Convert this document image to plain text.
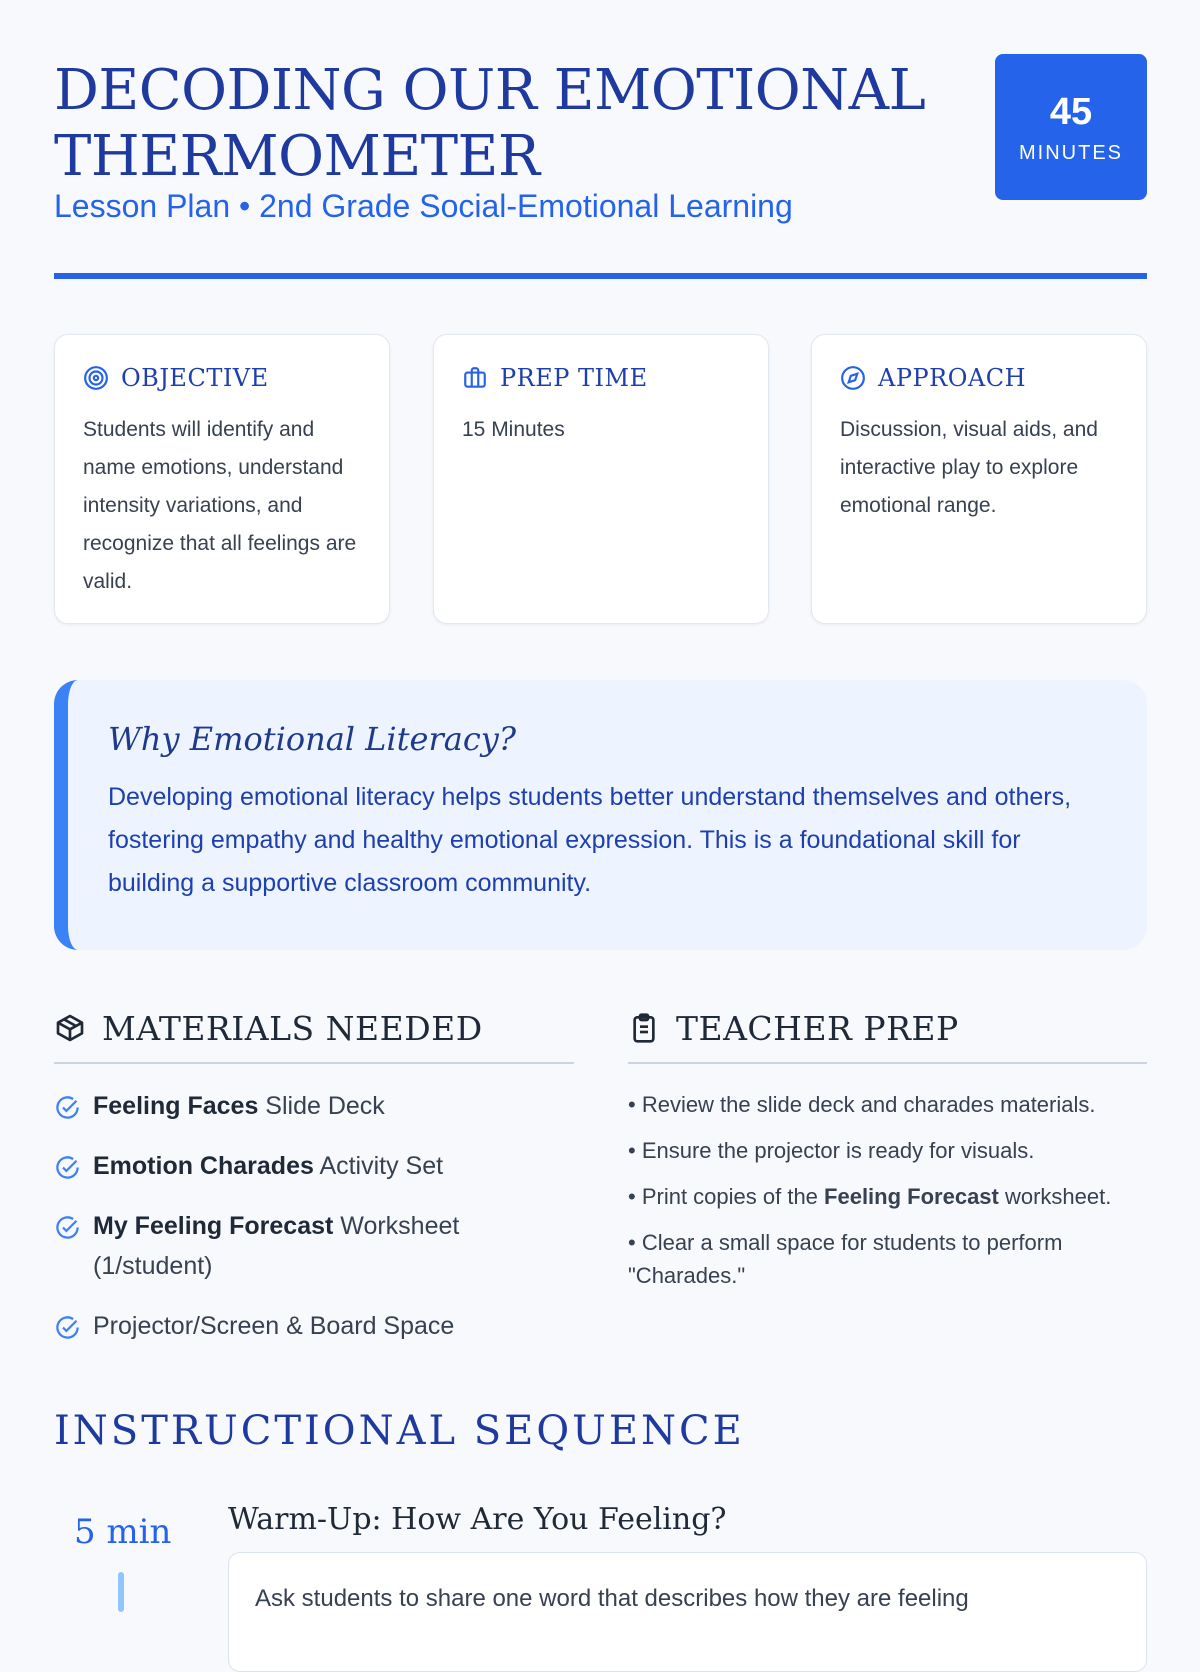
DECODING OUR EMOTIONAL THERMOMETER
Lesson Plan • 2nd Grade Social-Emotional Learning
45
MINUTES
OBJECTIVE
Students will identify and name emotions, understand intensity variations, and recognize that all feelings are valid.
PREP TIME
15 Minutes
APPROACH
Discussion, visual aids, and interactive play to explore emotional range.
Why Emotional Literacy?

Developing emotional literacy helps students better understand themselves and others, fostering empathy and healthy emotional expression. This is a foundational skill for building a supportive classroom community.

MATERIALS NEEDED
Feeling Faces Slide Deck
Emotion Charades Activity Set
My Feeling Forecast Worksheet (1/student)
Projector/Screen & Board Space
TEACHER PREP
• Review the slide deck and charades materials.
• Ensure the projector is ready for visuals.
• Print copies of the Feeling Forecast worksheet.
• Clear a small space for students to perform "Charades."
INSTRUCTIONAL SEQUENCE
5 min Warm-Up: How Are You Feeling?
Ask students to share one word that describes how they are feeling
